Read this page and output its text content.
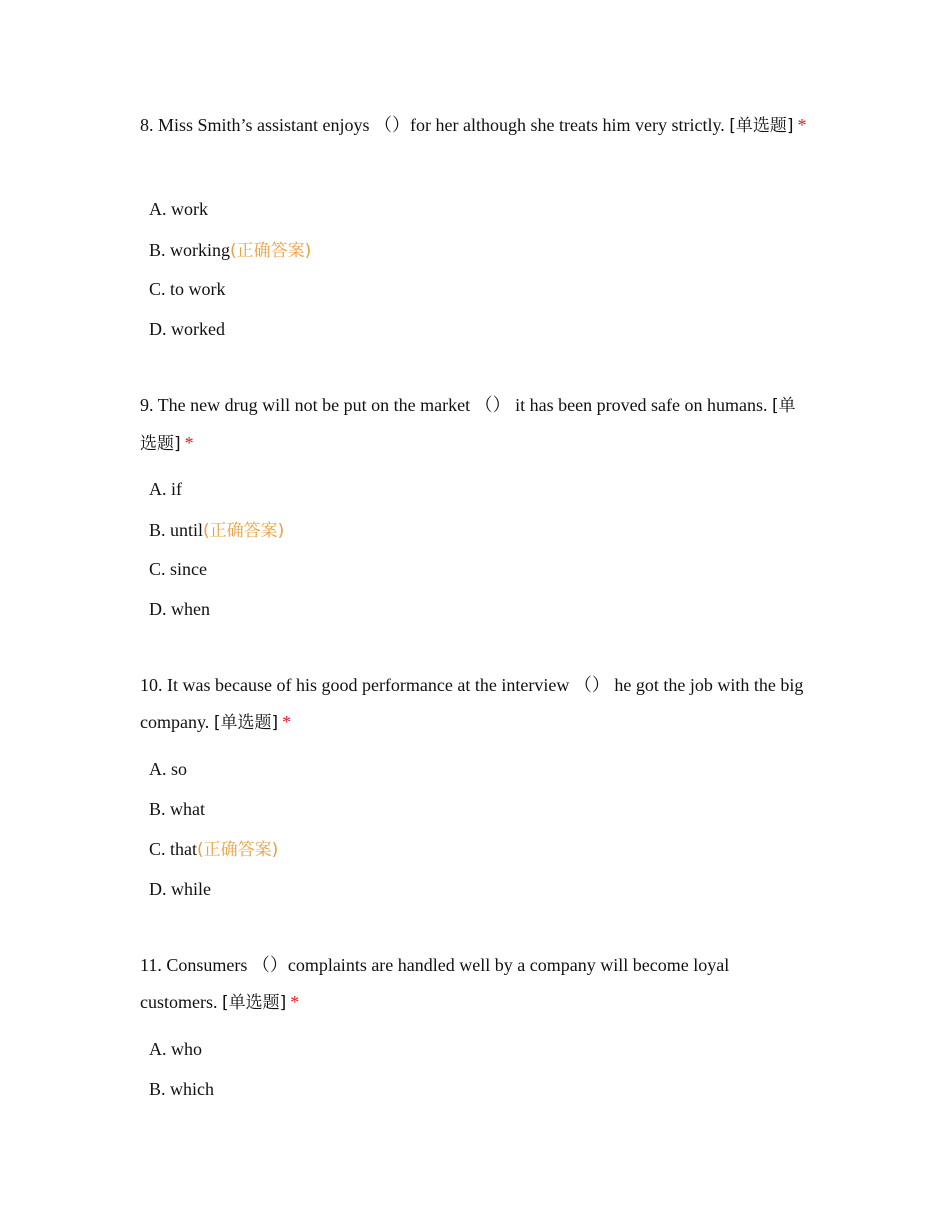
8. Miss Smith’s assistant enjoys （）for her although she treats him very strictly. [单选题] *

A. work
B. working(正确答案)
C. to work
D. worked

9. The new drug will not be put on the market （） it has been proved safe on humans. [单选题] *

A. if
B. until(正确答案)
C. since
D. when

10. It was because of his good performance at the interview （） he got the job with the big company. [单选题] *

A. so
B. what
C. that(正确答案)
D. while

11. Consumers （）complaints are handled well by a company will become loyal customers. [单选题] *

A. who
B. which
